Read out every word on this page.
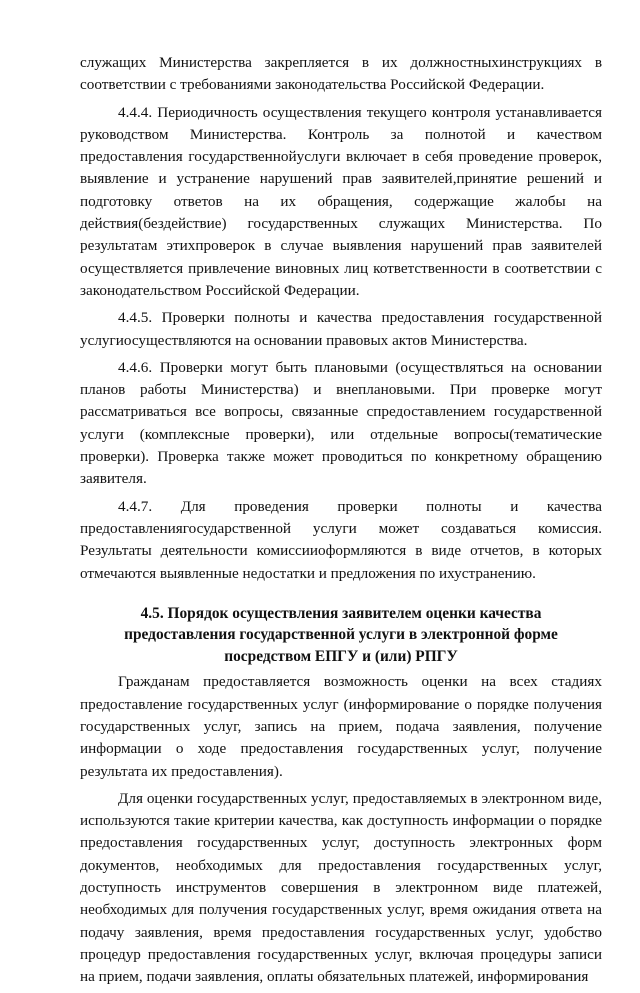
служащих Министерства закрепляется в их должностныхинструкциях в соответствии с требованиями законодательства Российской Федерации.

4.4.4. Периодичность осуществления текущего контроля устанавливается руководством Министерства. Контроль за полнотой и качеством предоставления государственнойуслуги включает в себя проведение проверок, выявление и устранение нарушений прав заявителей,принятие решений и подготовку ответов на их обращения, содержащие жалобы на действия(бездействие) государственных служащих Министерства. По результатам этихпроверок в случае выявления нарушений прав заявителей осуществляется привлечение виновных лиц кответственности в соответствии с законодательством Российской Федерации.

4.4.5. Проверки полноты и качества предоставления государственной услугиосуществляются на основании правовых актов Министерства.

4.4.6. Проверки могут быть плановыми (осуществляться на основании планов работы Министерства) и внеплановыми. При проверке могут рассматриваться все вопросы, связанные спредоставлением государственной услуги (комплексные проверки), или отдельные вопросы(тематические проверки). Проверка также может проводиться по конкретному обращению заявителя.

4.4.7. Для проведения проверки полноты и качества предоставлениягосударственной услуги может создаваться комиссия. Результаты деятельности комиссииоформляются в виде отчетов, в которых отмечаются выявленные недостатки и предложения по ихустранению.

4.5. Порядок осуществления заявителем оценки качества предоставления государственной услуги в электронной форме посредством ЕПГУ и (или) РПГУ

Гражданам предоставляется возможность оценки на всех стадиях предоставление государственных услуг (информирование о порядке получения государственных услуг, запись на прием, подача заявления, получение информации о ходе предоставления государственных услуг, получение результата их предоставления).

Для оценки государственных услуг, предоставляемых в электронном виде, используются такие критерии качества, как доступность информации о порядке предоставления государственных услуг, доступность электронных форм документов, необходимых для предоставления государственных услуг, доступность инструментов совершения в электронном виде платежей, необходимых для получения государственных услуг, время ожидания ответа на подачу заявления, время предоставления государственных услуг, удобство процедур предоставления государственных услуг, включая процедуры записи на прием, подачи заявления, оплаты обязательных платежей, информирования
